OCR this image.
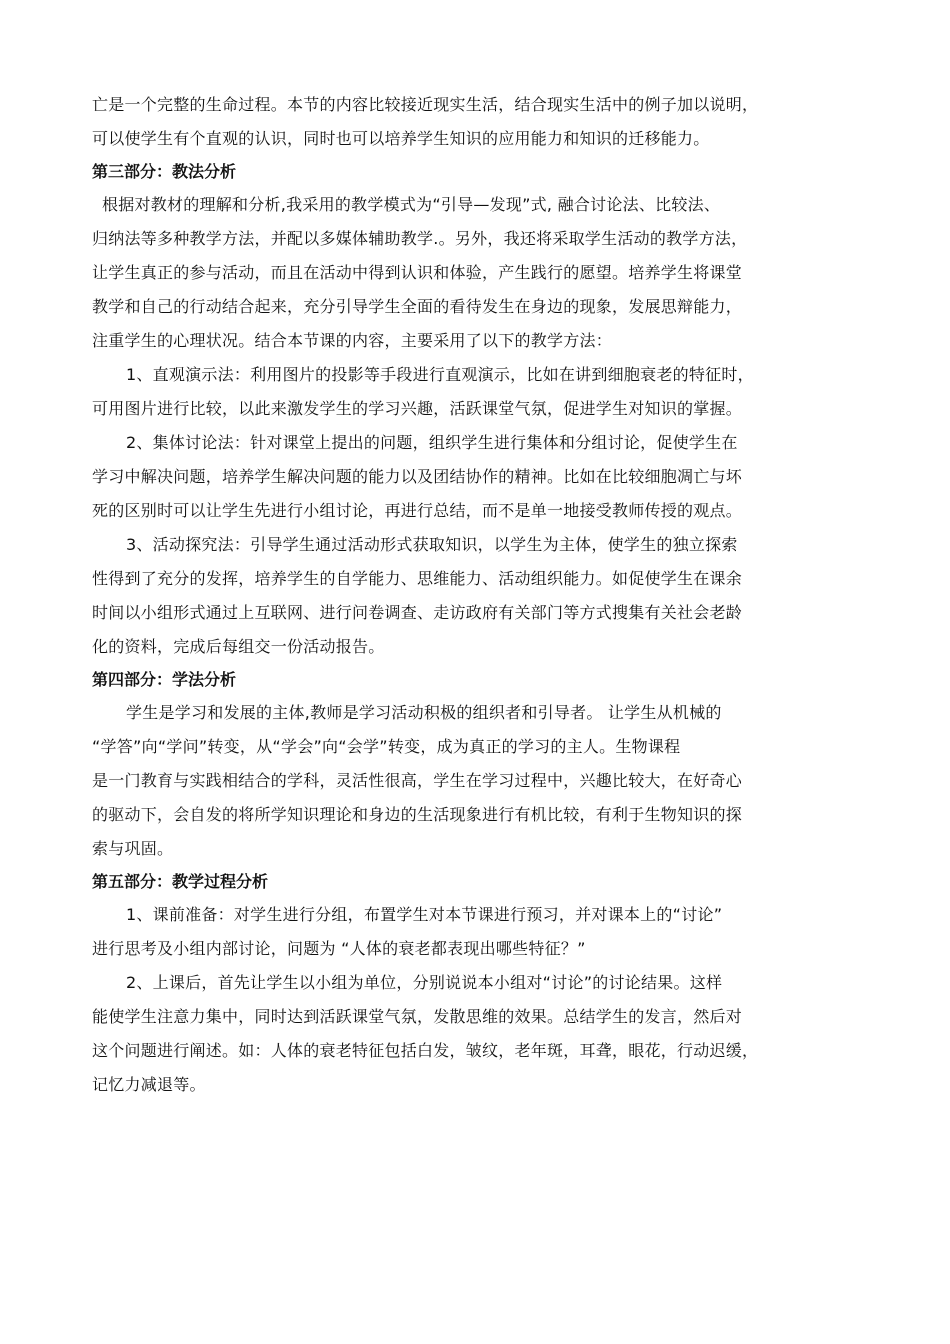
亡是一个完整的生命过程。本节的内容比较接近现实生活，结合现实生活中的例子加以说明，
可以使学生有个直观的认识，同时也可以培养学生知识的应用能力和知识的迁移能力。
第三部分：教法分析
根据对教材的理解和分析,我采用的教学模式为“引导—发现”式, 融合讨论法、比较法、
归纳法等多种教学方法，并配以多媒体辅助教学.。另外，我还将采取学生活动的教学方法，
让学生真正的参与活动，而且在活动中得到认识和体验，产生践行的愿望。培养学生将课堂
教学和自己的行动结合起来，充分引导学生全面的看待发生在身边的现象，发展思辩能力，
注重学生的心理状况。结合本节课的内容，主要采用了以下的教学方法：
1、直观演示法：利用图片的投影等手段进行直观演示，比如在讲到细胞衰老的特征时，
可用图片进行比较，以此来激发学生的学习兴趣，活跃课堂气氛，促进学生对知识的掌握。
2、集体讨论法：针对课堂上提出的问题，组织学生进行集体和分组讨论，促使学生在
学习中解决问题，培养学生解决问题的能力以及团结协作的精神。比如在比较细胞凋亡与坏
死的区别时可以让学生先进行小组讨论，再进行总结，而不是单一地接受教师传授的观点。
3、活动探究法：引导学生通过活动形式获取知识，以学生为主体，使学生的独立探索
性得到了充分的发挥，培养学生的自学能力、思维能力、活动组织能力。如促使学生在课余
时间以小组形式通过上互联网、进行问卷调查、走访政府有关部门等方式搜集有关社会老龄
化的资料，完成后每组交一份活动报告。
第四部分：学法分析
学生是学习和发展的主体,教师是学习活动积极的组织者和引导者。 让学生从机械的
“学答”向“学问”转变，从“学会”向“会学”转变，成为真正的学习的主人。生物课程
是一门教育与实践相结合的学科，灵活性很高，学生在学习过程中，兴趣比较大，在好奇心
的驱动下，会自发的将所学知识理论和身边的生活现象进行有机比较，有利于生物知识的探
索与巩固。
第五部分：教学过程分析
1、课前准备：对学生进行分组，布置学生对本节课进行预习，并对课本上的“讨论”
进行思考及小组内部讨论，问题为 “人体的衰老都表现出哪些特征？”
2、上课后，首先让学生以小组为单位，分别说说本小组对“讨论”的讨论结果。这样
能使学生注意力集中，同时达到活跃课堂气氛，发散思维的效果。总结学生的发言，然后对
这个问题进行阐述。如：人体的衰老特征包括白发，皱纹，老年斑，耳聋，眼花，行动迟缓，
记忆力减退等。
